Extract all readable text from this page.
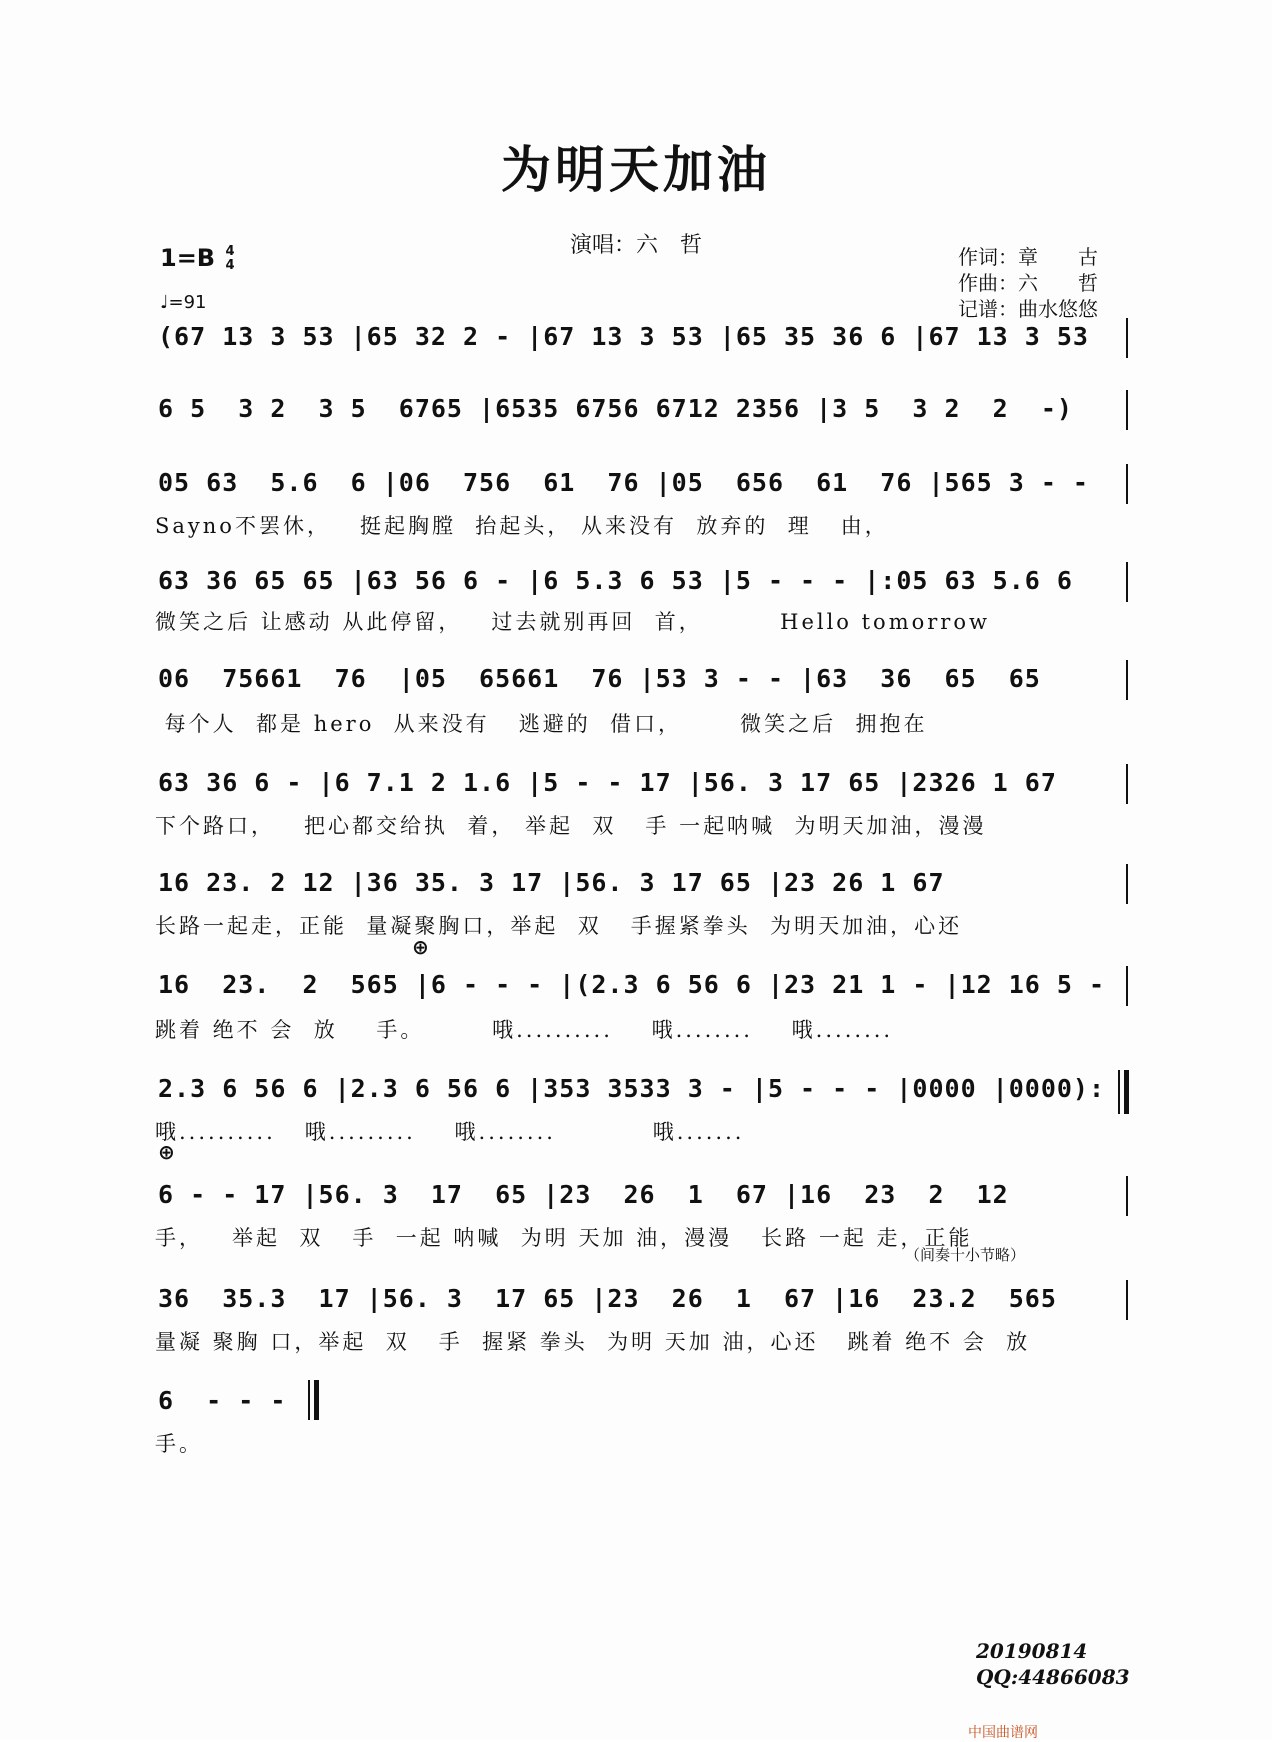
为明天加油
演唱：六　哲	作词：章　　古
作曲：六　　哲
记谱：曲水悠悠
1=B 4
4
♩=91
(67 13 3 53 |65 32 2 - |67 13 3 53 |65 35 36 6 |67 13 3 53
6 5  3 2  3 5  6765 |6535 6756 6712 2356 |3 5  3 2  2  -)
05 63  5.6  6 |06  756  61  76 |05  656  61  76 |565 3 - -
Sayno不罢休，   挺起胸膛  抬起头， 从来没有  放弃的  理   由，
63 36 65 65 |63 56 6 - |6 5.3 6 53 |5 - - - |:05 63 5.6 6
微笑之后 让感动 从此停留，   过去就别再回  首，        Hello tomorrow
06  75661  76  |05  65661  76 |53 3 - - |63  36  65  65
每个人  都是 hero  从来没有   逃避的  借口，      微笑之后  拥抱在
63 36 6 - |6 7.1 2 1.6 |5 - - 17 |56. 3 17 65 |2326 1 67
下个路口，   把心都交给执  着， 举起  双   手 一起呐喊  为明天加油，漫漫
16 23. 2 12 |36 35. 3 17 |56. 3 17 65 |23 26 1 67
长路一起走，正能  量凝聚胸口，举起  双   手握紧拳头  为明天加油，心还
⊕
16  23.  2  565 |6 - - - |(2.3 6 56 6 |23 21 1 - |12 16 5 -
跳着 绝不 会  放    手。       哦..........    哦........    哦........
2.3 6 56 6 |2.3 6 56 6 |353 3533 3 - |5 - - - |0000 |0000):
哦..........   哦.........    哦........          哦.......
（间奏十小节略）
⊕
6 - - 17 |56. 3  17  65 |23  26  1  67 |16  23  2  12
手，   举起  双   手  一起 呐喊  为明 天加 油，漫漫   长路 一起 走，正能
36  35.3  17 |56. 3  17 65 |23  26  1  67 |16  23.2  565
量凝 聚胸 口，举起  双   手  握紧 拳头  为明 天加 油，心还   跳着 绝不 会  放
6  - - -
手。
20190814
QQ:44866083
中国曲谱网
